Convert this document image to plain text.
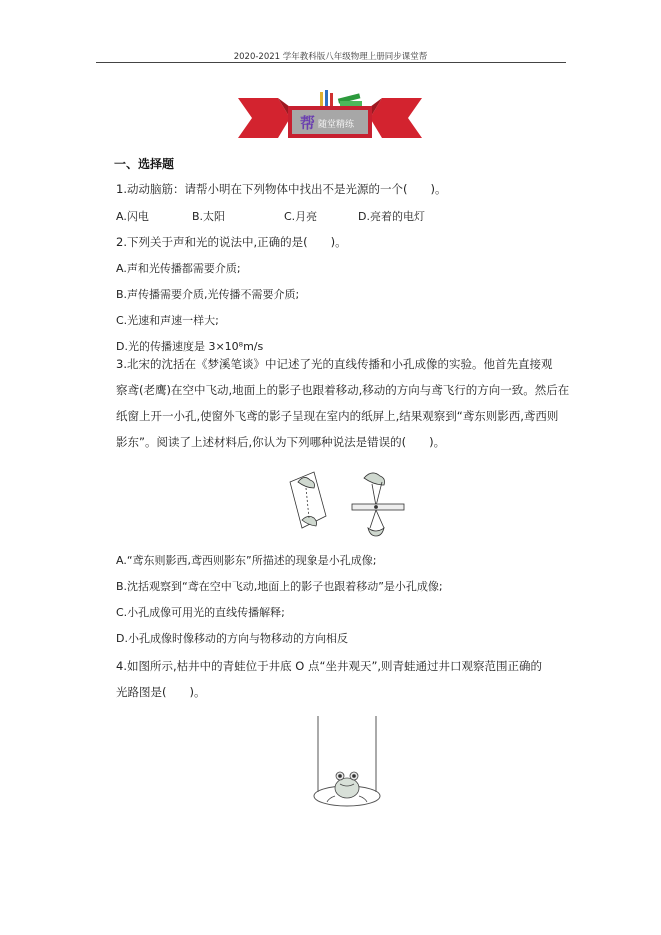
2020-2021 学年教科版八年级物理上册同步课堂帮
帮 随堂精练
一、选择题
1.动动脑筋：请帮小明在下列物体中找出不是光源的一个(　　)。
A.闪电	B.太阳	C.月亮	D.亮着的电灯
2.下列关于声和光的说法中,正确的是(　　)。
A.声和光传播都需要介质;
B.声传播需要介质,光传播不需要介质;
C.光速和声速一样大;
D.光的传播速度是 3×10⁸m/s
3.北宋的沈括在《梦溪笔谈》中记述了光的直线传播和小孔成像的实验。他首先直接观
察鸢(老鹰)在空中飞动,地面上的影子也跟着移动,移动的方向与鸢飞行的方向一致。然后在
纸窗上开一小孔,使窗外飞鸢的影子呈现在室内的纸屏上,结果观察到“鸢东则影西,鸢西则
影东”。阅读了上述材料后,你认为下列哪种说法是错误的(　　)。
A.“鸢东则影西,鸢西则影东”所描述的现象是小孔成像;
B.沈括观察到“鸢在空中飞动,地面上的影子也跟着移动”是小孔成像;
C.小孔成像可用光的直线传播解释;
D.小孔成像时像移动的方向与物移动的方向相反
4.如图所示,枯井中的青蛙位于井底 O 点“坐井观天”,则青蛙通过井口观察范围正确的
光路图是(　　)。
